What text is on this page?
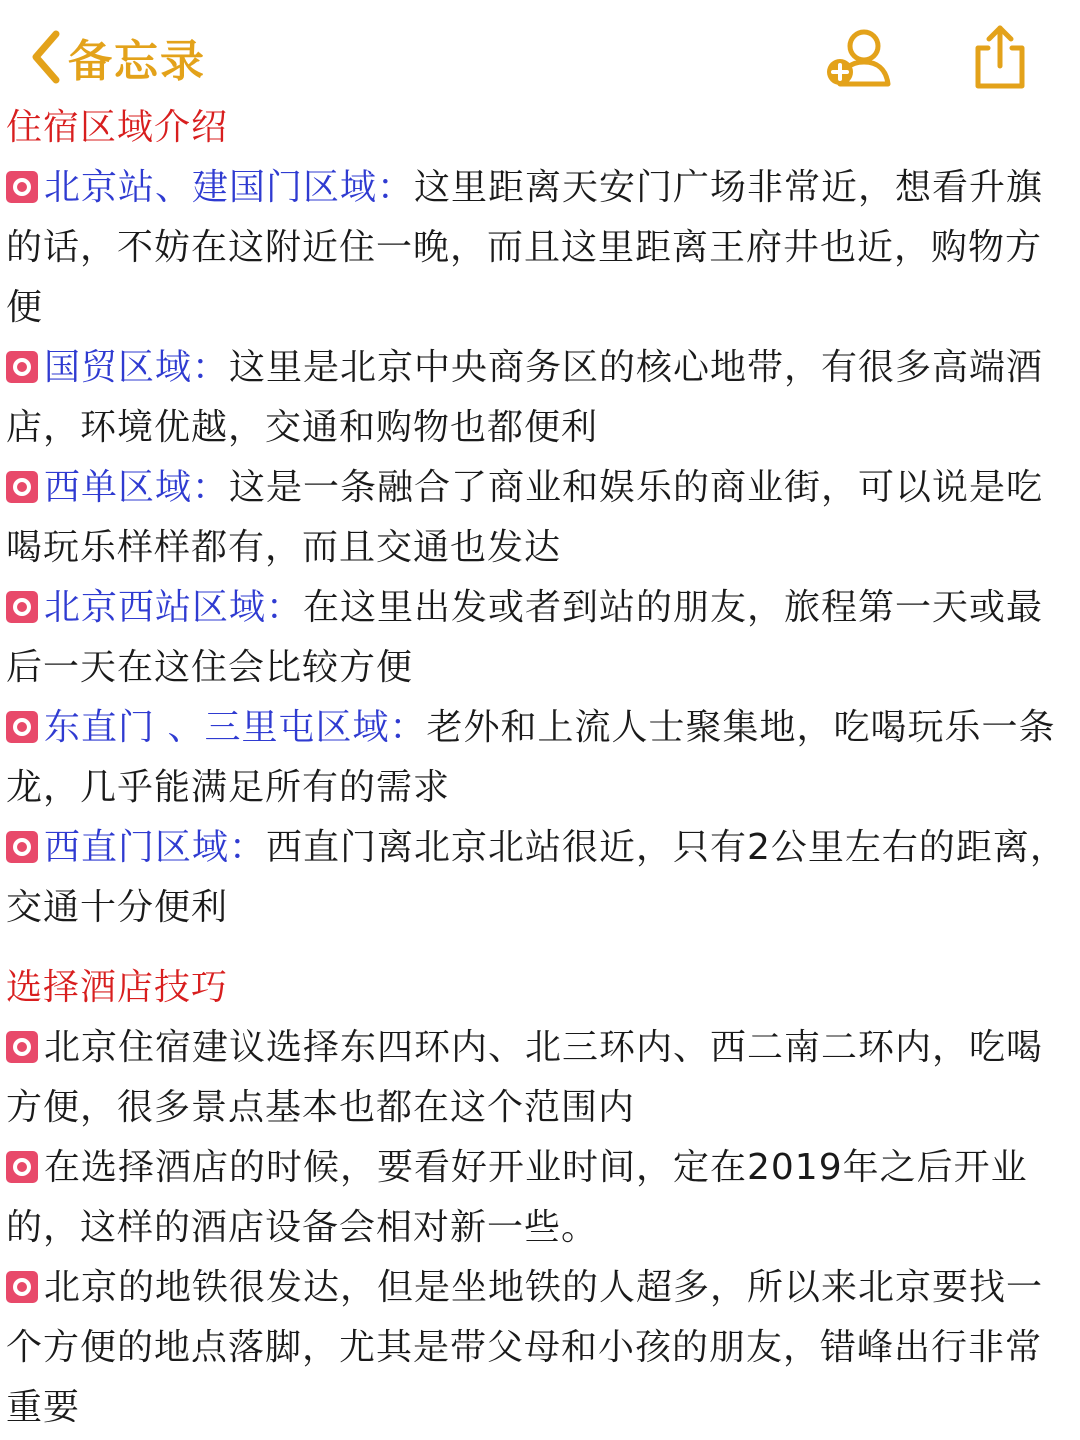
备忘录
住宿区域介绍

北京站、建国门区域：这里距离天安门广场非常近，想看升旗的话，不妨在这附近住一晚，而且这里距离王府井也近，购物方便

国贸区域：这里是北京中央商务区的核心地带，有很多高端酒店，环境优越，交通和购物也都便利

西单区域：这是一条融合了商业和娱乐的商业街，可以说是吃喝玩乐样样都有，而且交通也发达

北京西站区域：在这里出发或者到站的朋友，旅程第一天或最后一天在这住会比较方便

东直门 、三里屯区域：老外和上流人士聚集地，吃喝玩乐一条龙，几乎能满足所有的需求

西直门区域：西直门离北京北站很近，只有2公里左右的距离，交通十分便利

选择酒店技巧

北京住宿建议选择东四环内、北三环内、西二南二环内，吃喝方便，很多景点基本也都在这个范围内

在选择酒店的时候，要看好开业时间，定在2019年之后开业的，这样的酒店设备会相对新一些。

北京的地铁很发达，但是坐地铁的人超多，所以来北京要找一个方便的地点落脚，尤其是带父母和小孩的朋友，错峰出行非常重要
